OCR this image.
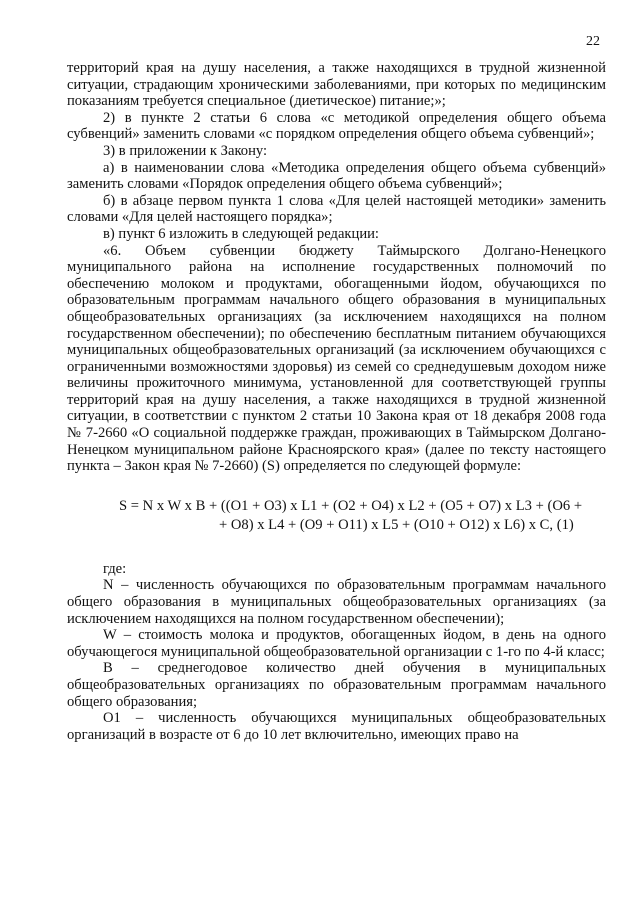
22

территорий края на душу населения, а также находящихся в трудной жизненной ситуации, страдающим хроническими заболеваниями, при которых по медицинским показаниям требуется специальное (диетическое) питание;»;

2) в пункте 2 статьи 6 слова «с методикой определения общего объема субвенций» заменить словами «с порядком определения общего объема субвенций»;

3) в приложении к Закону:

а) в наименовании слова «Методика определения общего объема субвенций» заменить словами «Порядок определения общего объема субвенций»;

б) в абзаце первом пункта 1 слова «Для целей настоящей методики» заменить словами «Для целей настоящего порядка»;

в) пункт 6 изложить в следующей редакции:

«6. Объем субвенции бюджету Таймырского Долгано-Ненецкого муниципального района на исполнение государственных полномочий по обеспечению молоком и продуктами, обогащенными йодом, обучающихся по образовательным программам начального общего образования в муниципальных общеобразовательных организациях (за исключением находящихся на полном государственном обеспечении); по обеспечению бесплатным питанием обучающихся муниципальных общеобразовательных организаций (за исключением обучающихся с ограниченными возможностями здоровья) из семей со среднедушевым доходом ниже величины прожиточного минимума, установленной для соответствующей группы территорий края на душу населения, а также находящихся в трудной жизненной ситуации, в соответствии с пунктом 2 статьи 10 Закона края от 18 декабря 2008 года № 7-2660 «О социальной поддержке граждан, проживающих в Таймырском Долгано-Ненецком муниципальном районе Красноярского края» (далее по тексту настоящего пункта – Закон края № 7-2660) (S) определяется по следующей формуле:

S = N x W x B + ((O1 + O3) x L1 + (O2 + O4) x L2 + (O5 + O7) x L3 + (O6 +
+ O8) x L4 + (O9 + O11) x L5 + (O10 + O12) x L6) x C, (1)

где:

N – численность обучающихся по образовательным программам начального общего образования в муниципальных общеобразовательных организациях (за исключением находящихся на полном государственном обеспечении);

W – стоимость молока и продуктов, обогащенных йодом, в день на одного обучающегося муниципальной общеобразовательной организации с 1-го по 4-й класс;

B – среднегодовое количество дней обучения в муниципальных общеобразовательных организациях по образовательным программам начального общего образования;

O1 – численность обучающихся муниципальных общеобразовательных организаций в возрасте от 6 до 10 лет включительно, имеющих право на
